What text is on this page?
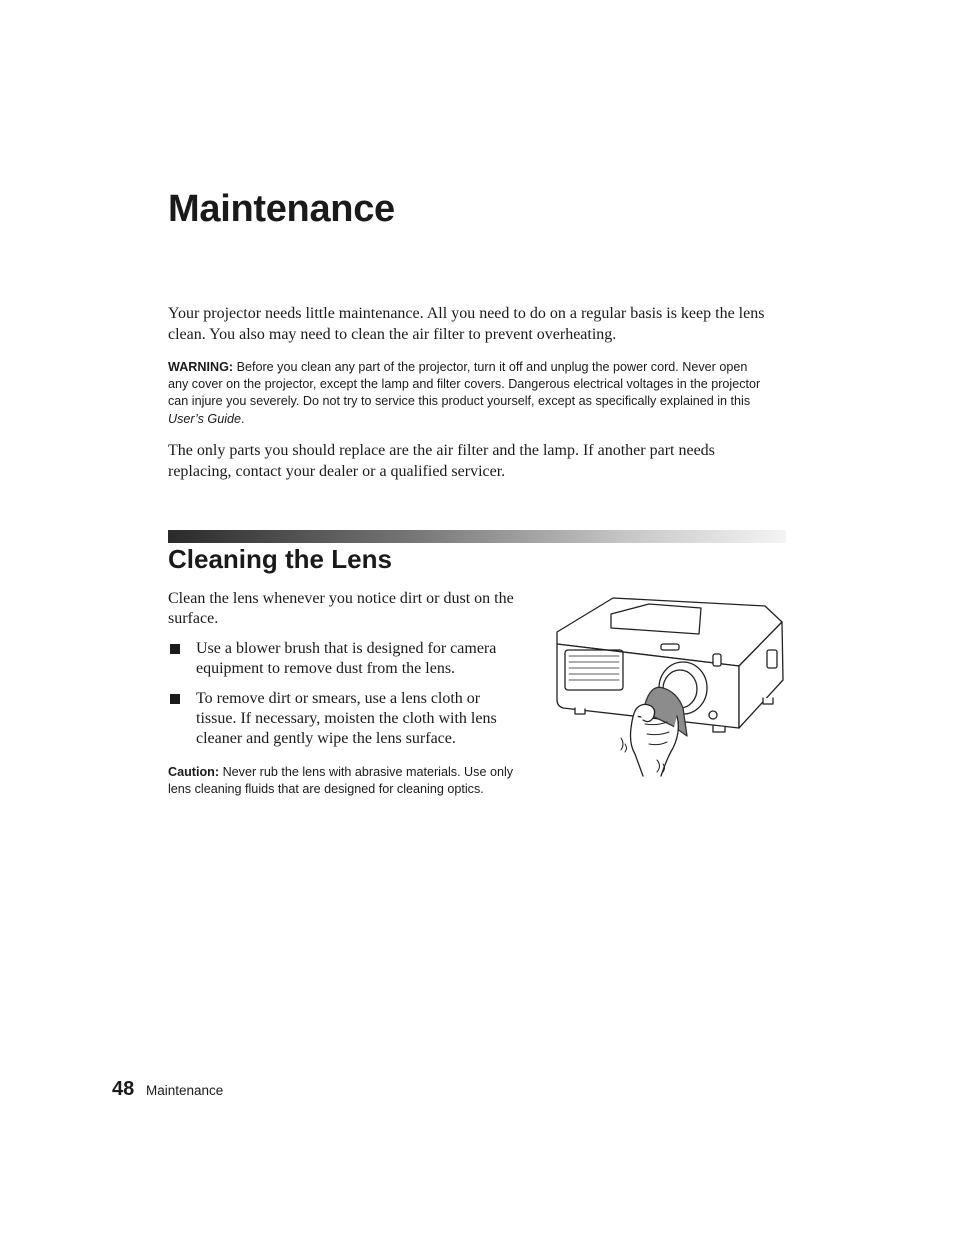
Maintenance

Your projector needs little maintenance. All you need to do on a regular basis is keep the lens clean. You also may need to clean the air filter to prevent overheating.

WARNING: Before you clean any part of the projector, turn it off and unplug the power cord. Never open any cover on the projector, except the lamp and filter covers. Dangerous electrical voltages in the projector can injure you severely. Do not try to service this product yourself, except as specifically explained in this User’s Guide.

The only parts you should replace are the air filter and the lamp. If another part needs replacing, contact your dealer or a qualified servicer.

Cleaning the Lens

Clean the lens whenever you notice dirt or dust on the surface.

Use a blower brush that is designed for camera equipment to remove dust from the lens.
To remove dirt or smears, use a lens cloth or tissue. If necessary, moisten the cloth with lens cleaner and gently wipe the lens surface.

Caution: Never rub the lens with abrasive materials. Use only lens cleaning fluids that are designed for cleaning optics.

48 Maintenance
